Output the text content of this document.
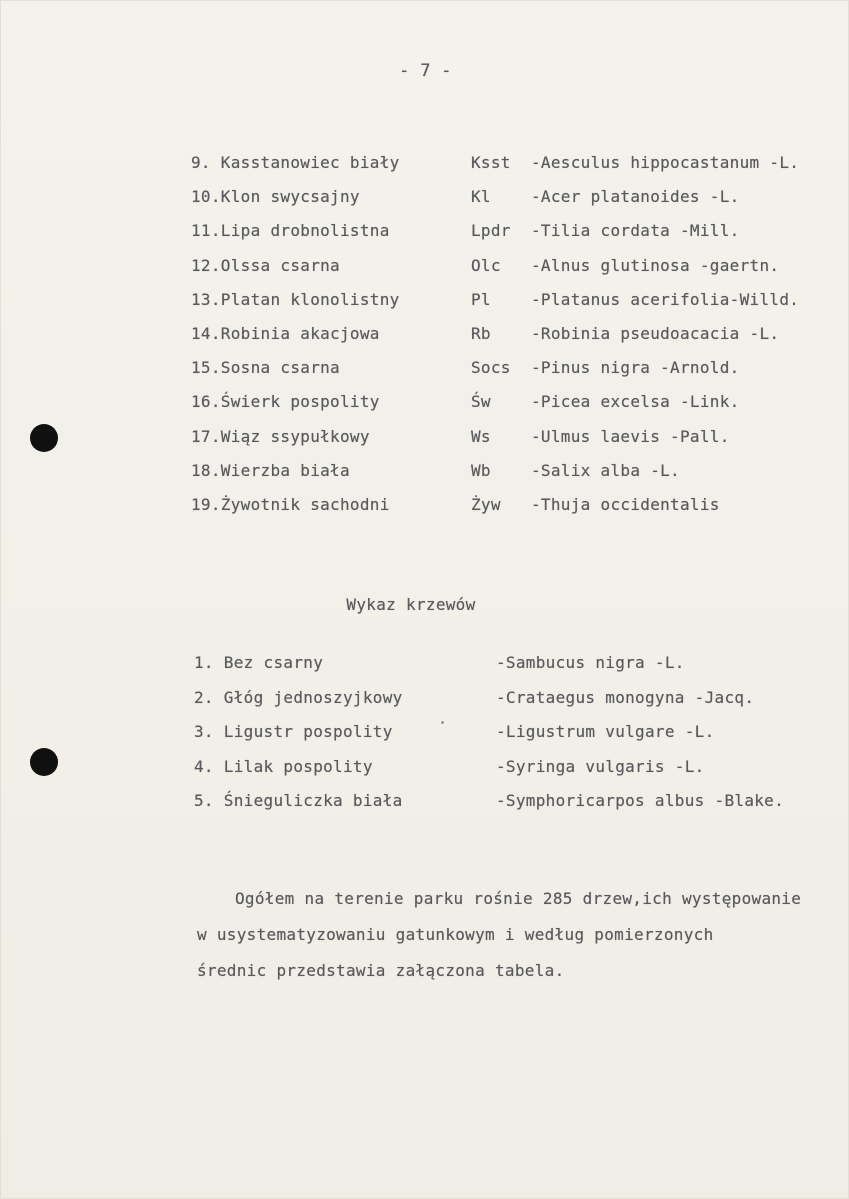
- 7 -
9. Kasstanowiec biały	Ksst -Aesculus hippocastanum -L.
10.Klon swycsajny	Kl	-Acer platanoides -L.
11.Lipa drobnolistna	Lpdr -Tilia cordata -Mill.
12.Olssa csarna	Olc -Alnus glutinosa -gaertn.
13.Platan klonolistny	Pl	-Platanus acerifolia-Willd.
14.Robinia akacjowa	Rb	-Robinia pseudoacacia -L.
15.Sosna csarna	Socs -Pinus nigra -Arnold.
16.Świerk pospolity	Św	-Picea excelsa -Link.
17.Wiąz ssypułkowy	Ws	-Ulmus laevis -Pall.
18.Wierzba biała	Wb	-Salix alba -L.
19.Żywotnik sachodni	Żyw -Thuja occidentalis
Wykaz krzewów
1. Bez csarny	-Sambucus nigra -L.
2. Głóg jednoszyjkowy	-Crataegus monogyna -Jacq.
3. Ligustr pospolity	-Ligustrum vulgare -L.
4. Lilak pospolity	-Syringa vulgaris -L.
5. Śnieguliczka biała	-Symphoricarpos albus -Blake.
Ogółem na terenie parku rośnie 285 drzew,ich występowanie
w usystematyzowaniu gatunkowym i według pomierzonych
średnic przedstawia załączona tabela.
